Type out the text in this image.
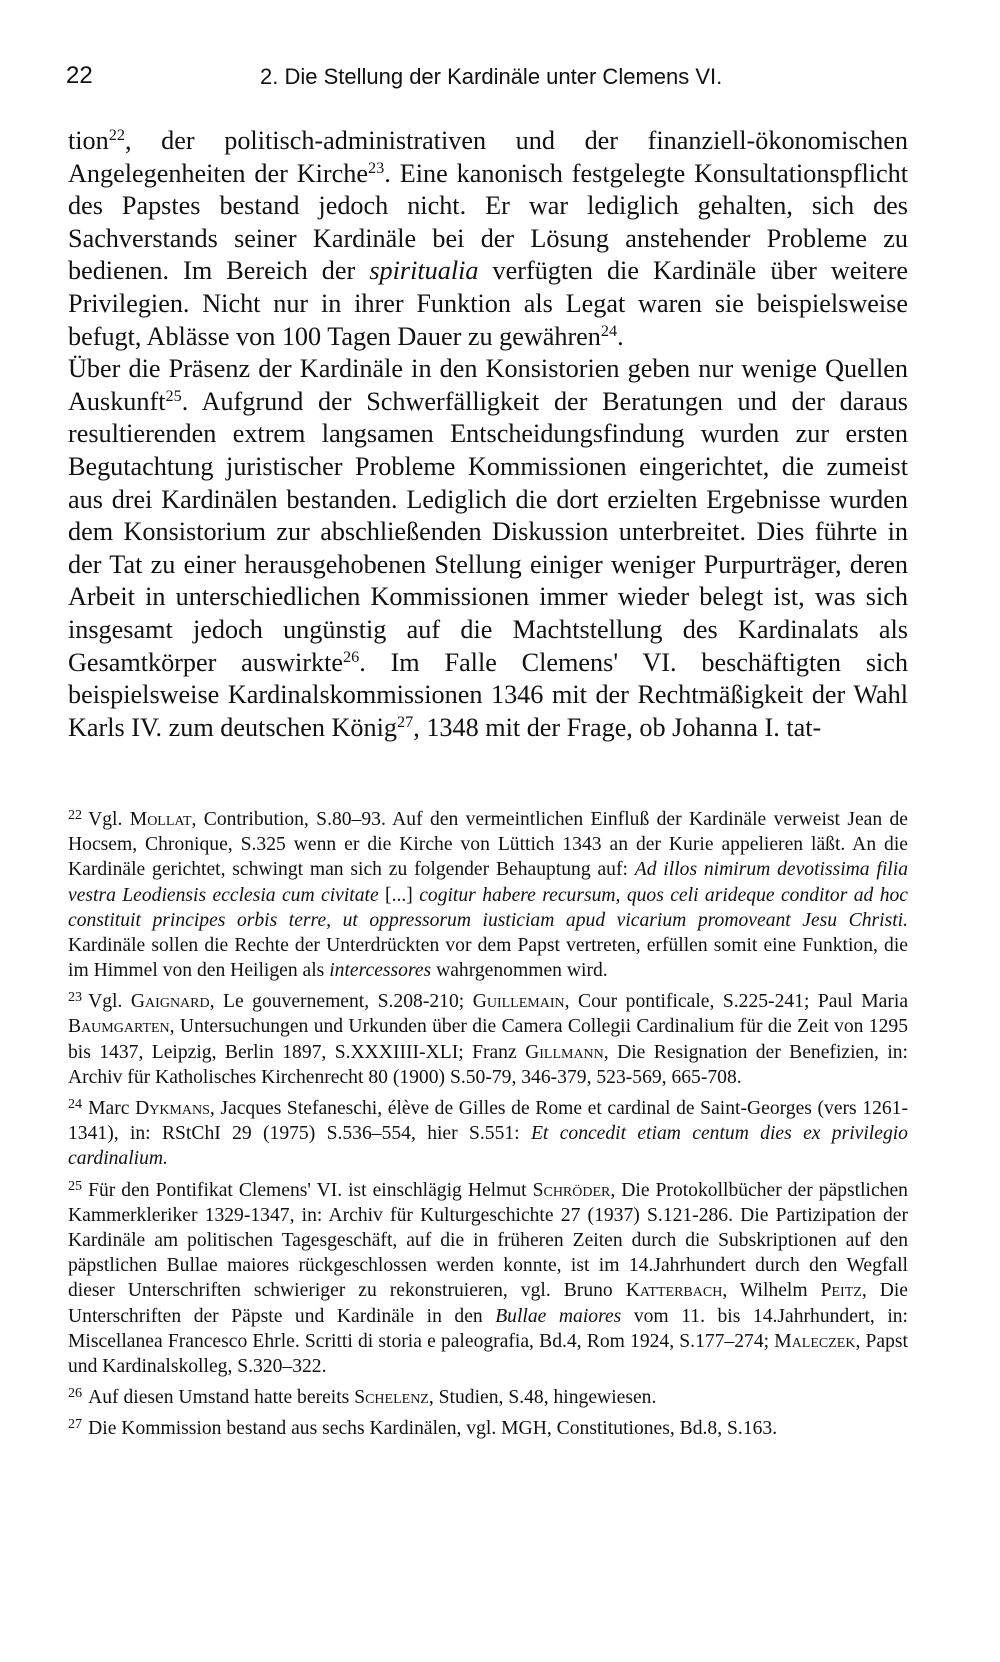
22	2. Die Stellung der Kardinäle unter Clemens VI.

tion$^{22}$, der politisch-administrativen und der finanziell-ökonomischen Angelegenheiten der Kirche$^{23}$. Eine kanonisch festgelegte Konsultationspflicht des Papstes bestand jedoch nicht. Er war lediglich gehalten, sich des Sachverstands seiner Kardinäle bei der Lösung anstehender Probleme zu bedienen. Im Bereich der spiritualia verfügten die Kardinäle über weitere Privilegien. Nicht nur in ihrer Funktion als Legat waren sie beispielsweise befugt, Ablässe von 100 Tagen Dauer zu gewähren$^{24}$.

Über die Präsenz der Kardinäle in den Konsistorien geben nur wenige Quellen Auskunft$^{25}$. Aufgrund der Schwerfälligkeit der Beratungen und der daraus resultierenden extrem langsamen Entscheidungsfindung wurden zur ersten Begutachtung juristischer Probleme Kommissionen eingerichtet, die zumeist aus drei Kardinälen bestanden. Lediglich die dort erzielten Ergebnisse wurden dem Konsistorium zur abschließenden Diskussion unterbreitet. Dies führte in der Tat zu einer herausgehobenen Stellung einiger weniger Purpurträger, deren Arbeit in unterschiedlichen Kommissionen immer wieder belegt ist, was sich insgesamt jedoch ungünstig auf die Machtstellung des Kardinalats als Gesamtkörper auswirkte$^{26}$. Im Falle Clemens' VI. beschäftigten sich beispielsweise Kardinalskommissionen 1346 mit der Rechtmäßigkeit der Wahl Karls IV. zum deutschen König$^{27}$, 1348 mit der Frage, ob Johanna I. tat-

$^{22}$ Vgl. Mollat, Contribution, S.80–93. Auf den vermeintlichen Einfluß der Kardinäle verweist Jean de Hocsem, Chronique, S.325 wenn er die Kirche von Lüttich 1343 an der Kurie appelieren läßt. An die Kardinäle gerichtet, schwingt man sich zu folgender Behauptung auf: Ad illos nimirum devotissima filia vestra Leodiensis ecclesia cum civitate [...] cogitur habere recursum, quos celi arideque conditor ad hoc constituit principes orbis terre, ut oppressorum iusticiam apud vicarium promoveant Jesu Christi. Kardinäle sollen die Rechte der Unterdrückten vor dem Papst vertreten, erfüllen somit eine Funktion, die im Himmel von den Heiligen als intercessores wahrgenommen wird.

$^{23}$ Vgl. Gaignard, Le gouvernement, S.208-210; Guillemain, Cour pontificale, S.225-241; Paul Maria Baumgarten, Untersuchungen und Urkunden über die Camera Collegii Cardinalium für die Zeit von 1295 bis 1437, Leipzig, Berlin 1897, S.XXXIIII-XLI; Franz Gillmann, Die Resignation der Benefizien, in: Archiv für Katholisches Kirchenrecht 80 (1900) S.50-79, 346-379, 523-569, 665-708.

$^{24}$ Marc Dykmans, Jacques Stefaneschi, élève de Gilles de Rome et cardinal de Saint-Georges (vers 1261-1341), in: RStChI 29 (1975) S.536–554, hier S.551: Et concedit etiam centum dies ex privilegio cardinalium.

$^{25}$ Für den Pontifikat Clemens' VI. ist einschlägig Helmut Schröder, Die Protokollbücher der päpstlichen Kammerkleriker 1329-1347, in: Archiv für Kulturgeschichte 27 (1937) S.121-286. Die Partizipation der Kardinäle am politischen Tagesgeschäft, auf die in früheren Zeiten durch die Subskriptionen auf den päpstlichen Bullae maiores rückgeschlossen werden konnte, ist im 14.Jahrhundert durch den Wegfall dieser Unterschriften schwieriger zu rekonstruieren, vgl. Bruno Katterbach, Wilhelm Peitz, Die Unterschriften der Päpste und Kardinäle in den Bullae maiores vom 11. bis 14.Jahrhundert, in: Miscellanea Francesco Ehrle. Scritti di storia e paleografia, Bd.4, Rom 1924, S.177–274; Maleczek, Papst und Kardinalskolleg, S.320–322.

$^{26}$ Auf diesen Umstand hatte bereits Schelenz, Studien, S.48, hingewiesen.

$^{27}$ Die Kommission bestand aus sechs Kardinälen, vgl. MGH, Constitutiones, Bd.8, S.163.
